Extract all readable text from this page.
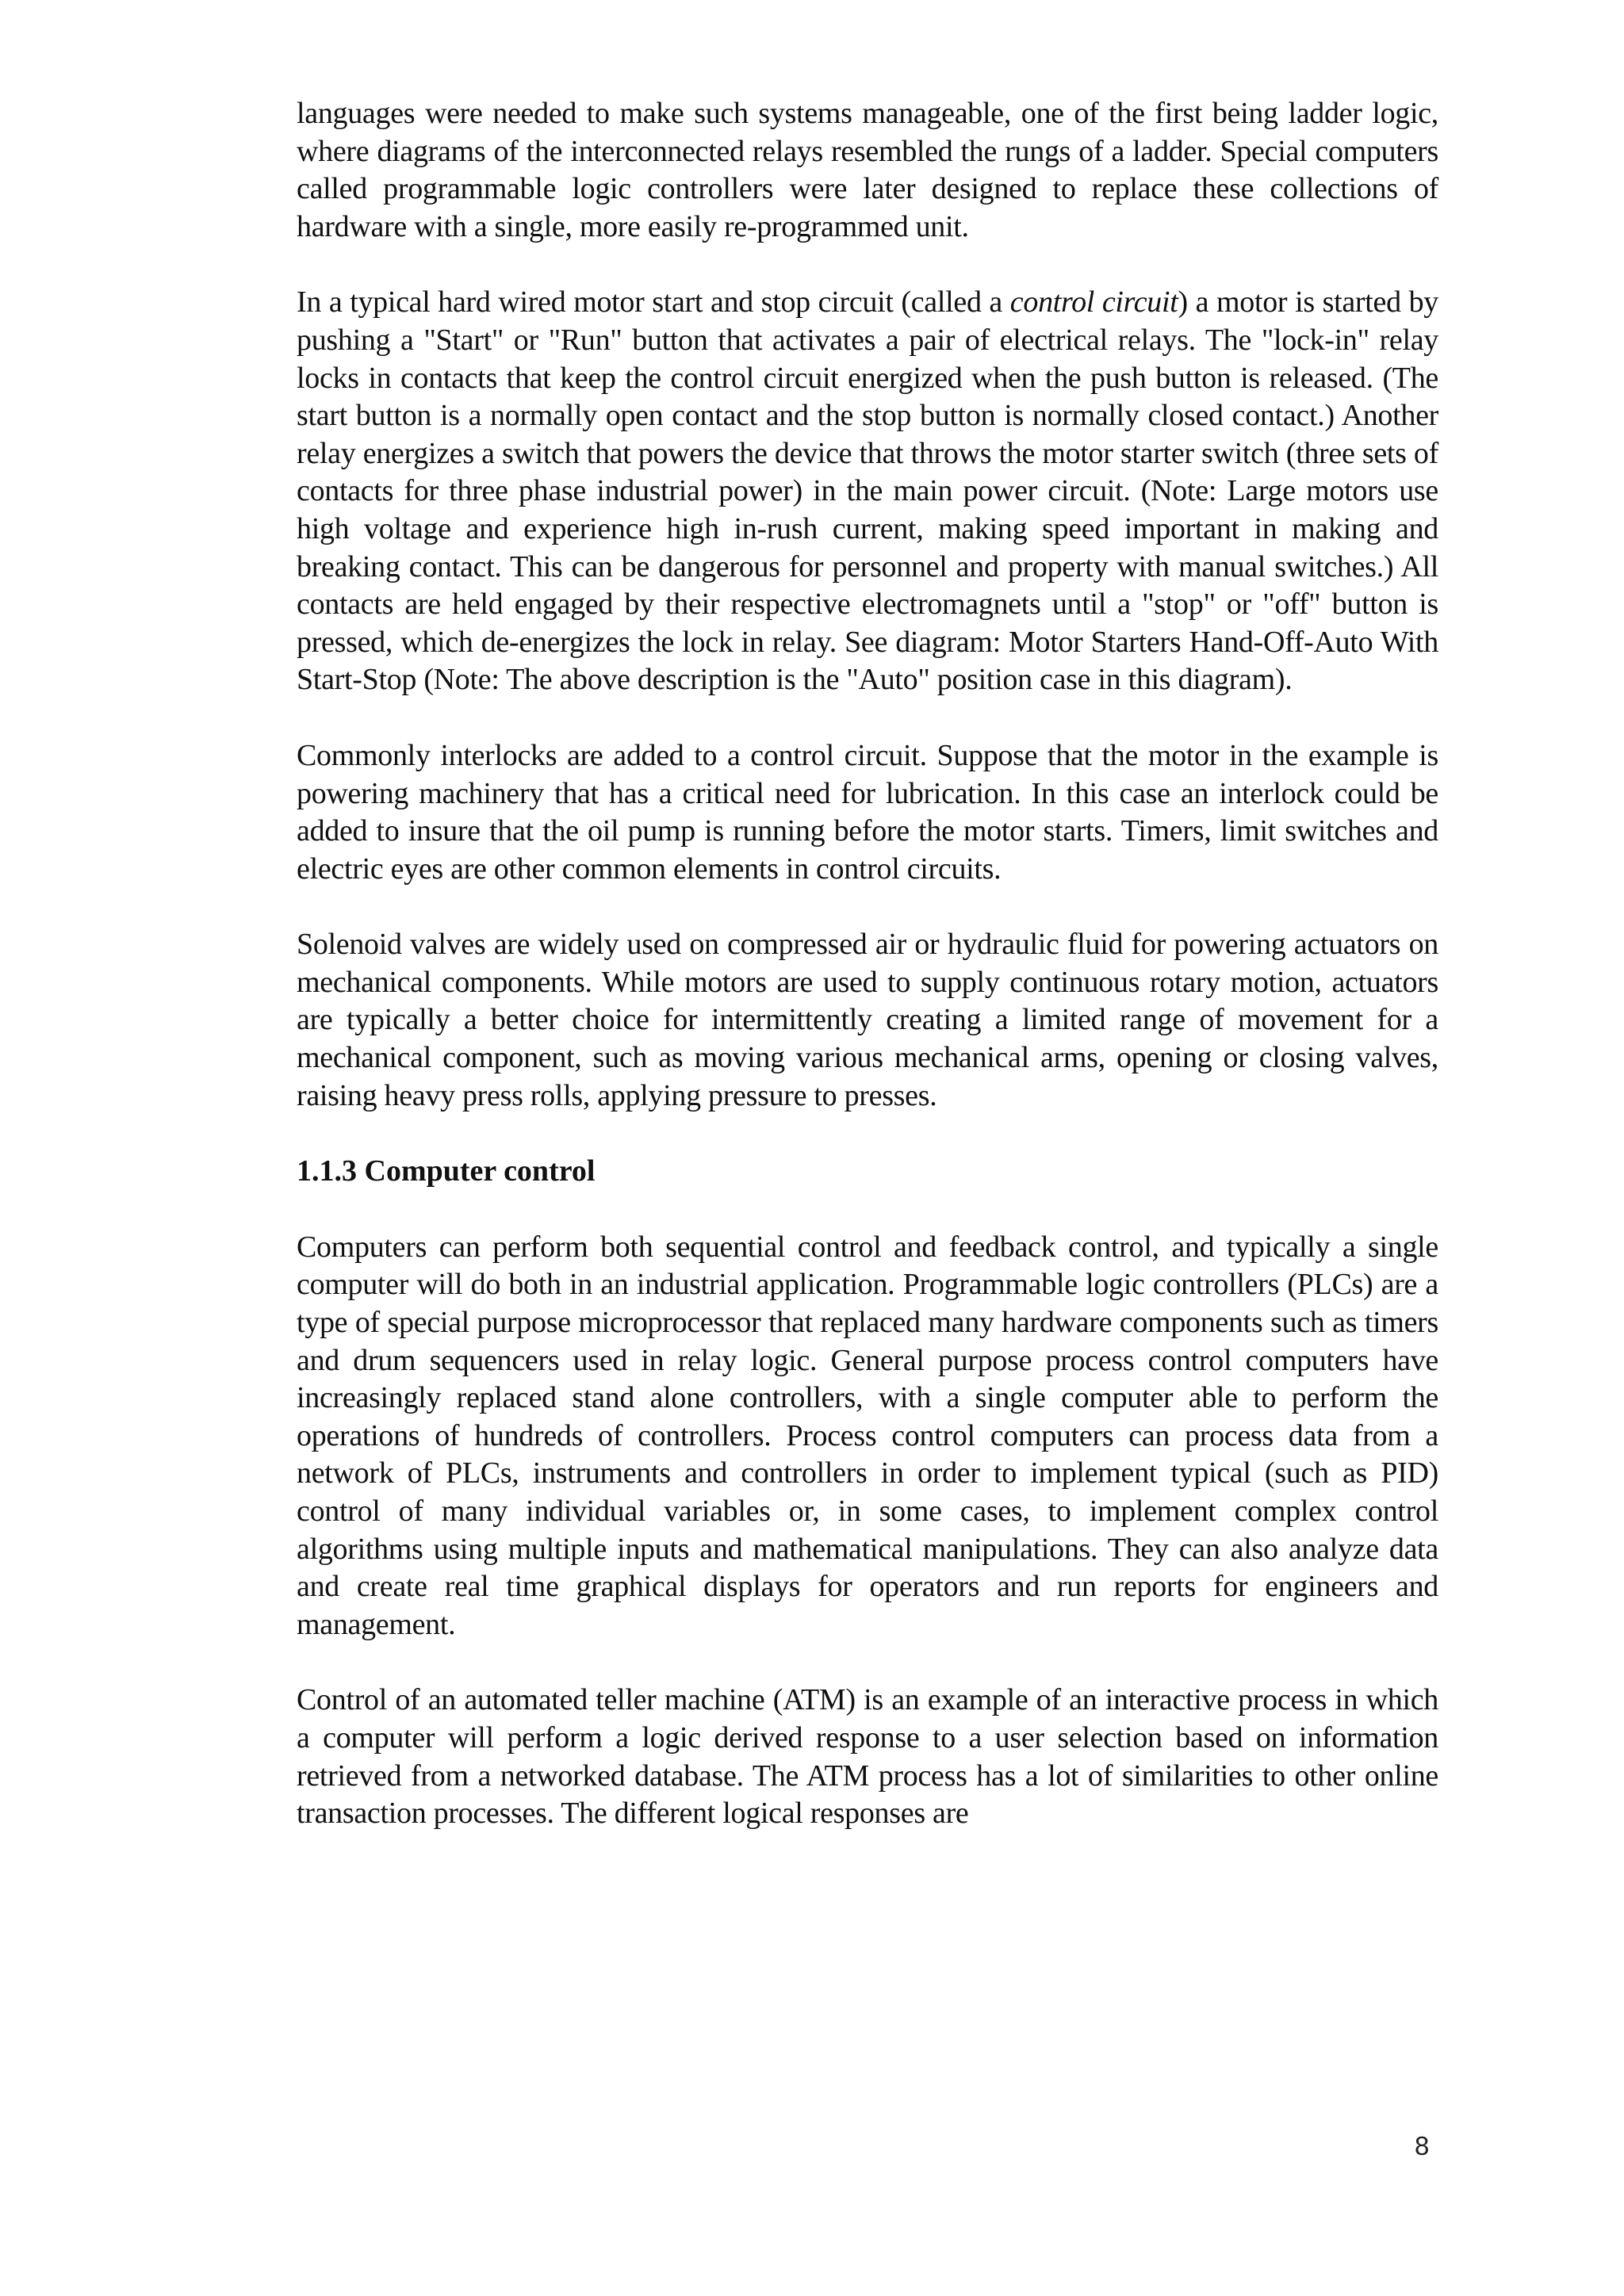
languages were needed to make such systems manageable, one of the first being ladder logic, where diagrams of the interconnected relays resembled the rungs of a ladder. Special computers called programmable logic controllers were later designed to replace these collections of hardware with a single, more easily re-programmed unit.

In a typical hard wired motor start and stop circuit (called a control circuit) a motor is started by pushing a "Start" or "Run" button that activates a pair of electrical relays. The "lock-in" relay locks in contacts that keep the control circuit energized when the push button is released. (The start button is a normally open contact and the stop button is normally closed contact.) Another relay energizes a switch that powers the device that throws the motor starter switch (three sets of contacts for three phase industrial power) in the main power circuit. (Note: Large motors use high voltage and experience high in-rush current, making speed important in making and breaking contact. This can be dangerous for personnel and property with manual switches.) All contacts are held engaged by their respective electromagnets until a "stop" or "off" button is pressed, which de-energizes the lock in relay. See diagram: Motor Starters Hand-Off-Auto With Start-Stop (Note: The above description is the "Auto" position case in this diagram).

Commonly interlocks are added to a control circuit. Suppose that the motor in the example is powering machinery that has a critical need for lubrication. In this case an interlock could be added to insure that the oil pump is running before the motor starts. Timers, limit switches and electric eyes are other common elements in control circuits.

Solenoid valves are widely used on compressed air or hydraulic fluid for powering actuators on mechanical components. While motors are used to supply continuous rotary motion, actuators are typically a better choice for intermittently creating a limited range of movement for a mechanical component, such as moving various mechanical arms, opening or closing valves, raising heavy press rolls, applying pressure to presses.

1.1.3 Computer control

Computers can perform both sequential control and feedback control, and typically a single computer will do both in an industrial application. Programmable logic controllers (PLCs) are a type of special purpose microprocessor that replaced many hardware components such as timers and drum sequencers used in relay logic. General purpose process control computers have increasingly replaced stand alone controllers, with a single computer able to perform the operations of hundreds of controllers. Process control computers can process data from a network of PLCs, instruments and controllers in order to implement typical (such as PID) control of many individual variables or, in some cases, to implement complex control algorithms using multiple inputs and mathematical manipulations. They can also analyze data and create real time graphical displays for operators and run reports for engineers and management.

Control of an automated teller machine (ATM) is an example of an interactive process in which a computer will perform a logic derived response to a user selection based on information retrieved from a networked database. The ATM process has a lot of similarities to other online transaction processes. The different logical responses are

8
